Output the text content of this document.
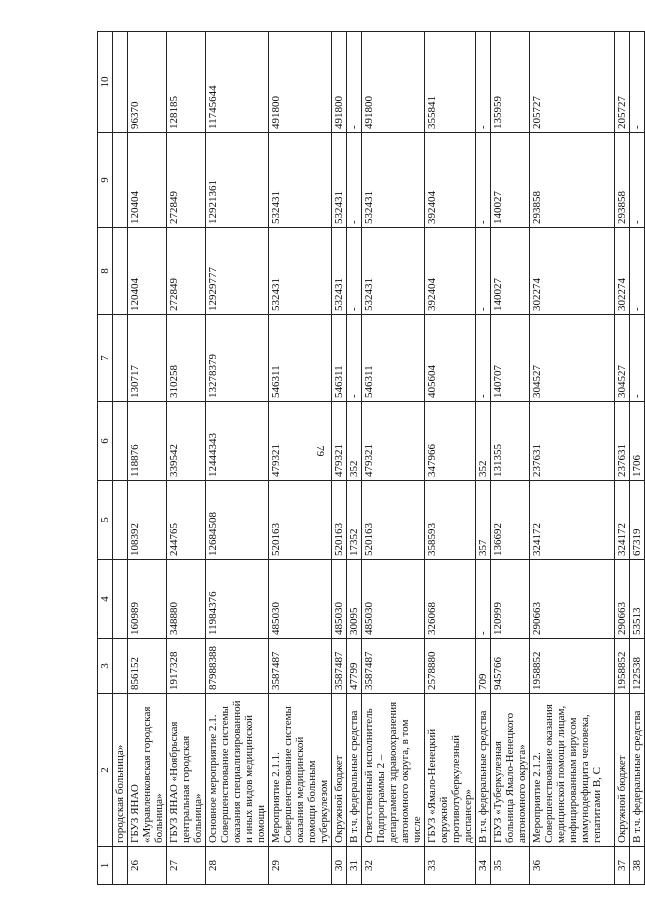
79
1	2	3	4	5	6	7	8	9	10
	городская больница»								
26	ГБУЗ ЯНАО «Муравленковская городская больница»	856152	160989	108392	118876	130717	120404	120404	96370
27	ГБУЗ ЯНАО «Ноябрьская центральная городская больница»	1917328	348880	244765	339542	310258	272849	272849	128185
28	Основное мероприятие 2.1. Совершенствование системы оказания специализированной и иных видов медицинской помощи	87988388	11984376	12684508	12444343	13278379	12929777	12921361	11745644
29	Мероприятие 2.1.1. Совершенствование системы оказания медицинской помощи больным туберкулезом	3587487	485030	520163	479321	546311	532431	532431	491800
30	Окружной бюджет	3587487	485030	520163	479321	546311	532431	532431	491800
31	В т.ч. федеральные средства	47799	30095	17352	352	-	-	-	-
32	Ответственный исполнитель Подпрограммы 2 – департамент здравоохранения автономного округа, в том числе	3587487	485030	520163	479321	546311	532431	532431	491800
33	ГБУЗ «Ямало-Ненецкий окружной противотуберкулезный диспансер»	2578880	326068	358593	347966	405604	392404	392404	355841
34	В т.ч. федеральные средства	709	-	357	352	-	-	-	-
35	ГБУЗ «Туберкулезная больница Ямало-Ненецкого автономного округа»	945766	120999	136692	131355	140707	140027	140027	135959
36	Мероприятие 2.1.2. Совершенствование оказания медицинской помощи лицам, инфицированным вирусом иммунодефицита человека, гепатитами В, С	1958852	290663	324172	237631	304527	302274	293858	205727
37	Окружной бюджет	1958852	290663	324172	237631	304527	302274	293858	205727
38	В т.ч. федеральные средства	122538	53513	67319	1706	-	-	-	-
